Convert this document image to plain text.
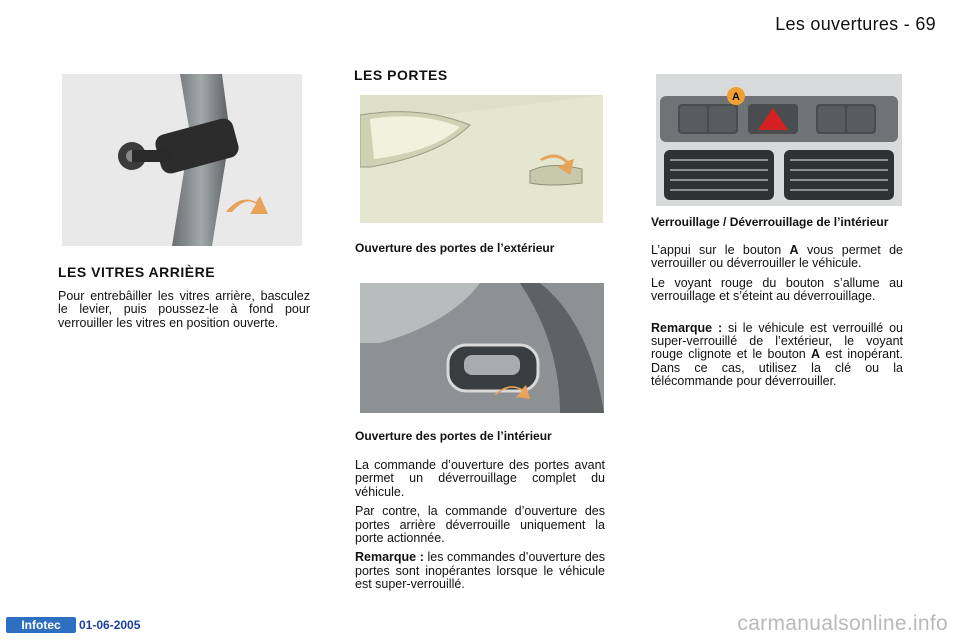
Les ouvertures - 69
LES VITRES ARRIÈRE

Pour entrebâiller les vitres arrière, basculez le levier, puis poussez-le à fond pour verrouiller les vitres en position ouverte.

LES PORTES
Ouverture des portes de l’extérieur
Ouverture des portes de l’intérieur

La commande d’ouverture des portes avant permet un déverrouillage complet du véhicule.

Par contre, la commande d’ouverture des portes arrière déverrouille uniquement la porte actionnée.

Remarque : les commandes d’ouverture des portes sont inopérantes lorsque le véhicule est super-verrouillé.

A
Verrouillage / Déverrouillage de l’intérieur

L’appui sur le bouton A vous permet de verrouiller ou déverrouiller le véhicule.

Le voyant rouge du bouton s’allume au verrouillage et s’éteint au déverrouillage.

Remarque : si le véhicule est verrouillé ou super-verrouillé de l’extérieur, le voyant rouge clignote et le bouton A est inopérant. Dans ce cas, utilisez la clé ou la télécommande pour déverrouiller.

Infotec	01-06-2005	carmanualsonline.info
